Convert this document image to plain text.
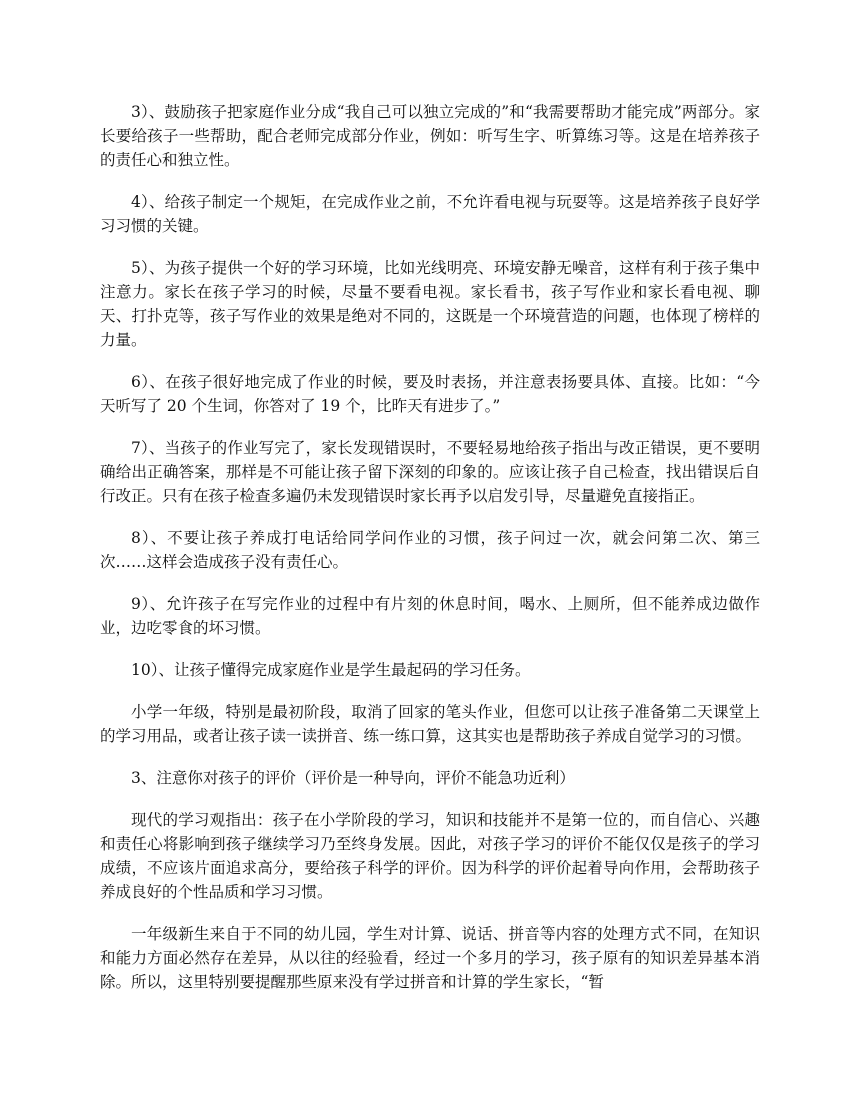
3）、鼓励孩子把家庭作业分成“我自己可以独立完成的”和“我需要帮助才能完成”两部分。家长要给孩子一些帮助，配合老师完成部分作业，例如：听写生字、听算练习等。这是在培养孩子的责任心和独立性。

4）、给孩子制定一个规矩，在完成作业之前，不允许看电视与玩耍等。这是培养孩子良好学习习惯的关键。

5）、为孩子提供一个好的学习环境，比如光线明亮、环境安静无噪音，这样有利于孩子集中注意力。家长在孩子学习的时候，尽量不要看电视。家长看书，孩子写作业和家长看电视、聊天、打扑克等，孩子写作业的效果是绝对不同的，这既是一个环境营造的问题，也体现了榜样的力量。

6）、在孩子很好地完成了作业的时候，要及时表扬，并注意表扬要具体、直接。比如：“今天听写了 20 个生词，你答对了 19 个，比昨天有进步了。”

7）、当孩子的作业写完了，家长发现错误时，不要轻易地给孩子指出与改正错误，更不要明确给出正确答案，那样是不可能让孩子留下深刻的印象的。应该让孩子自己检查，找出错误后自行改正。只有在孩子检查多遍仍未发现错误时家长再予以启发引导，尽量避免直接指正。

8）、不要让孩子养成打电话给同学问作业的习惯，孩子问过一次，就会问第二次、第三次……这样会造成孩子没有责任心。

9）、允许孩子在写完作业的过程中有片刻的休息时间，喝水、上厕所，但不能养成边做作业，边吃零食的坏习惯。

10）、让孩子懂得完成家庭作业是学生最起码的学习任务。

小学一年级，特别是最初阶段，取消了回家的笔头作业，但您可以让孩子准备第二天课堂上的学习用品，或者让孩子读一读拼音、练一练口算，这其实也是帮助孩子养成自觉学习的习惯。

3、注意你对孩子的评价（评价是一种导向，评价不能急功近利）

现代的学习观指出：孩子在小学阶段的学习，知识和技能并不是第一位的，而自信心、兴趣和责任心将影响到孩子继续学习乃至终身发展。因此，对孩子学习的评价不能仅仅是孩子的学习成绩，不应该片面追求高分，要给孩子科学的评价。因为科学的评价起着导向作用，会帮助孩子养成良好的个性品质和学习习惯。

一年级新生来自于不同的幼儿园，学生对计算、说话、拼音等内容的处理方式不同，在知识和能力方面必然存在差异，从以往的经验看，经过一个多月的学习，孩子原有的知识差异基本消除。所以，这里特别要提醒那些原来没有学过拼音和计算的学生家长，“暂
